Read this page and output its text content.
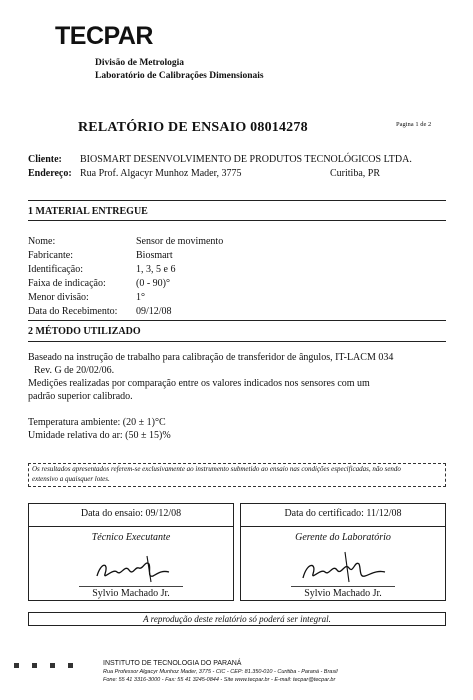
TECPAR
Divisão de Metrologia
Laboratório de Calibrações Dimensionais
RELATÓRIO DE ENSAIO 08014278	Pagina 1 de 2
Cliente: BIOSMART DESENVOLVIMENTO DE PRODUTOS TECNOLÓGICOS LTDA.
Endereço: Rua Prof. Algacyr Munhoz Mader, 3775	Curitiba, PR
1 MATERIAL ENTREGUE
Nome:	Sensor de movimento
Fabricante:	Biosmart
Identificação:	1, 3, 5 e 6
Faixa de indicação:	(0 - 90)°
Menor divisão:	1°
Data do Recebimento: 09/12/08
2 MÉTODO UTILIZADO
Baseado na instrução de trabalho para calibração de transferidor de ângulos, IT-LACM 034
Rev. G de 20/02/06.
Medições realizadas por comparação entre os valores indicados nos sensores com um
padrão superior calibrado.
Temperatura ambiente: (20 ± 1)°C
Umidade relativa do ar: (50 ± 15)%
Os resultados apresentados referem-se exclusivamente ao instrumento submetido ao ensaio nas condições especificadas, não sendo
extensivo a quaisquer lotes.
Data do ensaio: 09/12/08
Técnico Executante
Sylvio Machado Jr.
Data do certificado: 11/12/08
Gerente do Laboratório
Sylvio Machado Jr.
A reprodução deste relatório só poderá ser integral.
INSTITUTO DE TECNOLOGIA DO PARANÁ
Rua Professor Algacyr Munhoz Mader, 3775 - CIC - CEP: 81.350-010 - Curitiba - Paraná - Brasil
Fone: 55 41 3316-3000 - Fax: 55 41 3245-0844 - Site www.tecpar.br - E-mail: tecpar@tecpar.br
